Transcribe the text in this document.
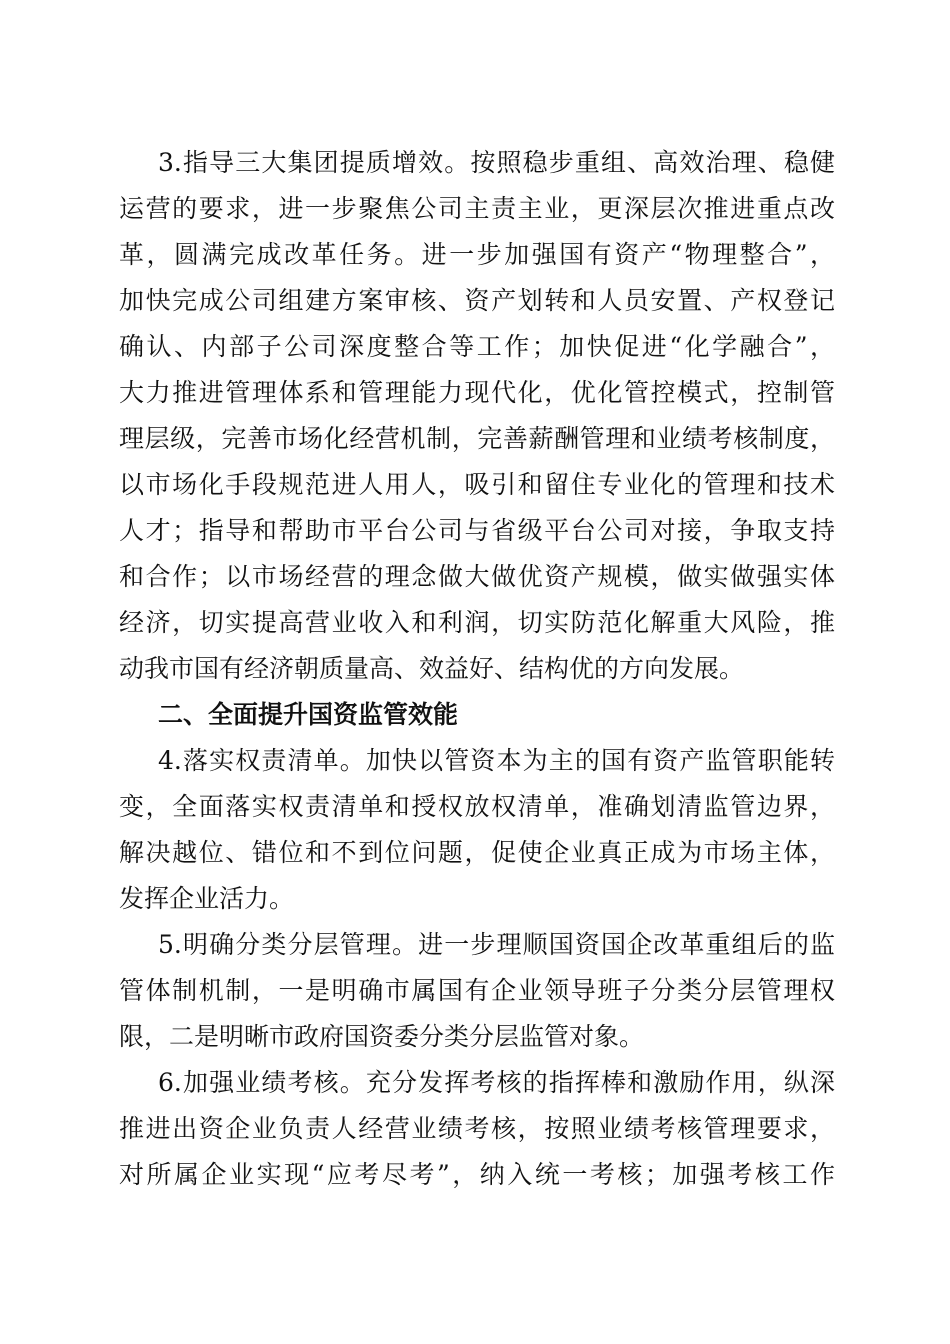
3.指导三大集团提质增效。按照稳步重组、高效治理、稳健
运营的要求，进一步聚焦公司主责主业，更深层次推进重点改
革，圆满完成改革任务。进一步加强国有资产“物理整合”，
加快完成公司组建方案审核、资产划转和人员安置、产权登记
确认、内部子公司深度整合等工作；加快促进“化学融合”，
大力推进管理体系和管理能力现代化，优化管控模式，控制管
理层级，完善市场化经营机制，完善薪酬管理和业绩考核制度，
以市场化手段规范进人用人，吸引和留住专业化的管理和技术
人才；指导和帮助市平台公司与省级平台公司对接，争取支持
和合作；以市场经营的理念做大做优资产规模，做实做强实体
经济，切实提高营业收入和利润，切实防范化解重大风险，推
动我市国有经济朝质量高、效益好、结构优的方向发展。
二、全面提升国资监管效能
4.落实权责清单。加快以管资本为主的国有资产监管职能转
变，全面落实权责清单和授权放权清单，准确划清监管边界，
解决越位、错位和不到位问题，促使企业真正成为市场主体，
发挥企业活力。
5.明确分类分层管理。进一步理顺国资国企改革重组后的监
管体制机制，一是明确市属国有企业领导班子分类分层管理权
限，二是明晰市政府国资委分类分层监管对象。
6.加强业绩考核。充分发挥考核的指挥棒和激励作用，纵深
推进出资企业负责人经营业绩考核，按照业绩考核管理要求，
对所属企业实现“应考尽考”，纳入统一考核；加强考核工作
